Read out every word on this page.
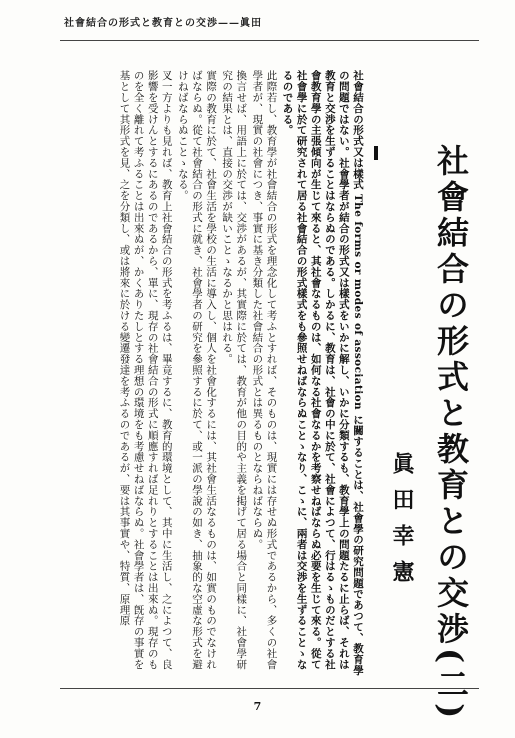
社會結合の形式と教育との交渉——眞田
社會結合の形式と教育との交渉(二)
眞田幸憲

社會結合の形式又は樣式 The forms or modes of association に關することは、社會學の研究問題であつて、教育學の問題ではない。社會學者が結合の形式又は樣式をいかに解し、いかに分類するも、教育學上の問題たるに止らば、それは教育と交渉を生ずることはならぬのである。しかるに、教育は、社會の中に於て、社會によつて、行はるゝものだとする社會教育學の主張傾向が生じて來ると、其社會なるものは、如何なる社會なるかを考察せねばならぬ必要を生じて來る。從て社會學に於て研究されて居る社會結合の形式樣式をも參照せねばならぬことゝなり、こゝに、兩者は交渉を生ずることゝなるのである。

此際若し、教育學が社會結合の形式を理念化して考ふとすれば、そのものは、現實には存せぬ形式であるから、多くの社會學者が、現實の社會につき、事實に基き分類した社會結合の形式とは異るものとならねばならぬ。

換言せば、用語上に於ては、交渉があるが、其實際に於ては、教育が他の目的や主義を掲げて居る場合と同樣に、社會學研究の結果とは、直接の交渉が缺いことゝなるかと思はれる。

實際の教育に於て、社會生活を學校の生活に導入し、個人を社會化するには、其社會生活なるものは、如實のものでなければならぬ。從て社會結合の形式に就き、社會學者の研究を參照するに於て、或一派の學說の如き、抽象的な空虛な形式を避けねばならぬことゝなる。

叉一方よりも見れば、教育上社會結合の形式を考ふるは、畢竟するに、教育的環境として、其中に生活し、之によつて、良影響を受けんとするにあるのであるから、單に、現存の社會結合の形式に順應すれば足れりとすることは出來ぬ。現存のものを全く離れて考ふることは出來ぬが、かくありたしとする理想の環境をも考慮せねばならぬ。社會學者は、旣存の事實を基として其形式を見、之を分類し、或は將來に於ける變遷發達を考ふるのであるが、要は其事實や、特質、原理原

7
